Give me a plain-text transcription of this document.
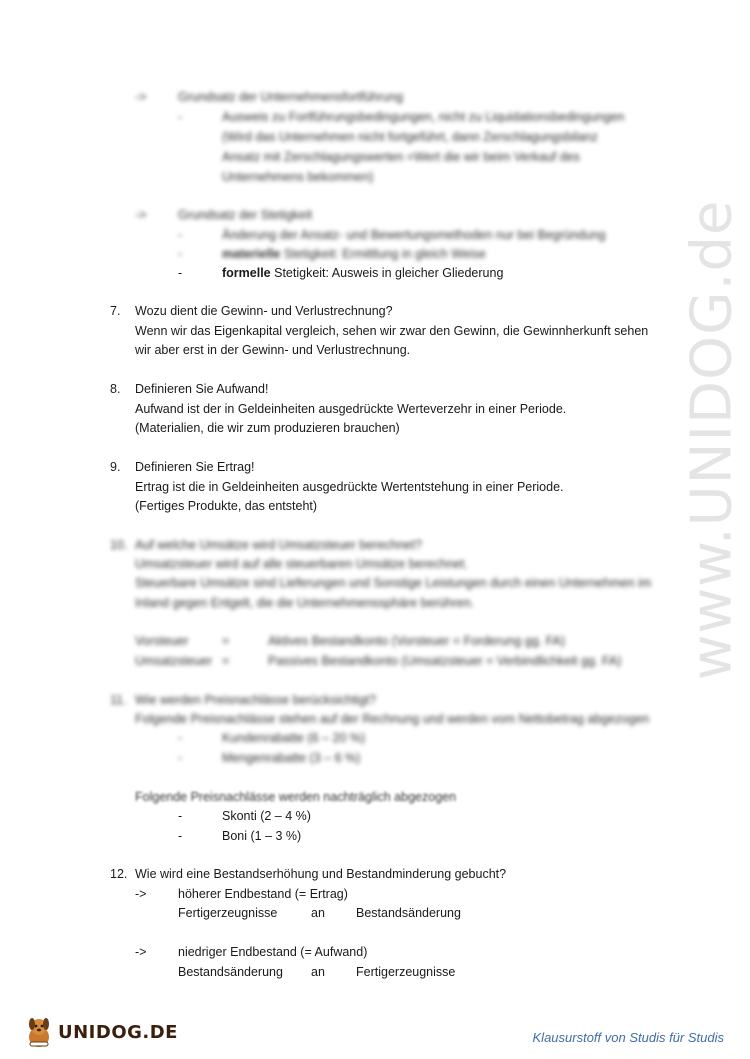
www.UNIDOG.de
->	Grundsatz der Unternehmensfortführung
-	Ausweis zu Fortführungsbedingungen, nicht zu Liquidationsbedingungen
(Wird das Unternehmen nicht fortgeführt, dann Zerschlagungsbilanz
Ansatz mit Zerschlagungswerten =Wert die wir beim Verkauf des
Unternehmens bekommen)
->	Grundsatz der Stetigkeit
-	Änderung der Ansatz- und Bewertungsmethoden nur bei Begründung
-	materielle Stetigkeit: Ermittlung in gleich Weise
-	formelle Stetigkeit: Ausweis in gleicher Gliederung
7. Wozu dient die Gewinn- und Verlustrechnung?
Wenn wir das Eigenkapital vergleich, sehen wir zwar den Gewinn, die Gewinnherkunft sehen
wir aber erst in der Gewinn- und Verlustrechnung.
8. Definieren Sie Aufwand!
Aufwand ist der in Geldeinheiten ausgedrückte Werteverzehr in einer Periode.
(Materialien, die wir zum produzieren brauchen)
9. Definieren Sie Ertrag!
Ertrag ist die in Geldeinheiten ausgedrückte Wertentstehung in einer Periode.
(Fertiges Produkte, das entsteht)
10. Auf welche Umsätze wird Umsatzsteuer berechnet?
Umsatzsteuer wird auf alle steuerbaren Umsätze berechnet.
Steuerbare Umsätze sind Lieferungen und Sonstige Leistungen durch einen Unternehmen im
Inland gegen Entgelt, die die Unternehmenssphäre berühren.
Vorsteuer	=	Aktives Bestandkonto (Vorsteuer = Forderung gg. FA)
Umsatzsteuer =	Passives Bestandkonto (Umsatzsteuer = Verbindlichkeit gg. FA)
11. Wie werden Preisnachlässe berücksichtigt?
Folgende Preisnachlässe stehen auf der Rechnung und werden vom Nettobetrag abgezogen
-	Kundenrabatte (6 – 20 %)
-	Mengenrabatte (3 – 6 %)
Folgende Preisnachlässe werden nachträglich abgezogen
-	Skonti (2 – 4 %)
-	Boni (1 – 3 %)
12. Wie wird eine Bestandserhöhung und Bestandminderung gebucht?
->	höherer Endbestand (= Ertrag)
Fertigerzeugnisse	an Bestandsänderung
->	niedriger Endbestand (= Aufwand)
Bestandsänderung an Fertigerzeugnisse
UNIDOG.DE	Klausurstoff von Studis für Studis
